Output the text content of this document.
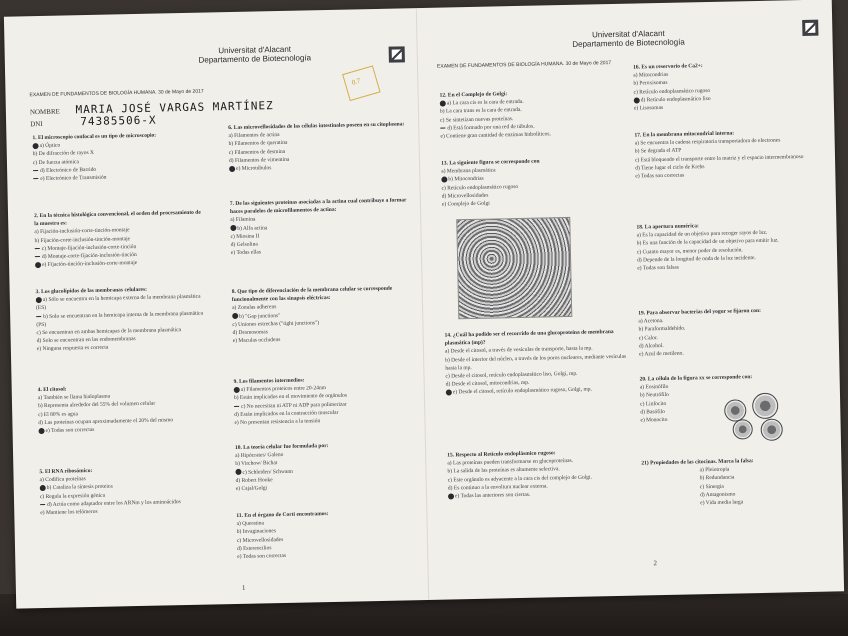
Universitat d'Alacant
Departamento de Biotecnología
EXAMEN DE FUNDAMENTOS DE BIOLOGÍA HUMANA. 30 de Mayo de 2017
0.7
NOMBRE MARIA JOSÉ VARGAS MARTÍNEZ
DNI	74385506-X
1. El microscopio confocal es un tipo de microscopio:
a) Óptico
b) De difracción de rayos X
c) De fuerza atómica
d) Electrónico de Barrido
e) Electrónico de Transmisión
2. En la técnica histológica convencional, el orden del procesamiento de la muestra es:
a) Fijación-inclusión-corte-tinción-montaje
b) Fijación-corte-inclusión-tinción-montaje
c) Montaje-fijación-inclusión-corte-tinción
d) Montaje-corte-fijación-inclusión-tinción
e) Fijación-tinción-inclusión-corte-montaje
3. Los glucolípidos de las membranas celulares:
a) Sólo se encuentra en la hemicapa externa de la membrana plasmática (ES)
b) Solo se encuentran en la hemicapa interna de la membrana plasmática (PS)
c) Se encuentran en ambas hemicapas de la membrana plasmática
d) Solo se encuentran en las endomembranas
e) Ninguna respuesta es correcta
4. El citosol:
a) También se llama hialoplasma
b) Representa alrededor del 55% del volumen celular
c) El 80% es agua
d) Las proteínas ocupan aproximadamente el 20% del mismo
e) Todas son correctas
5. El RNA ribosómico:
a) Codifica proteínas
b) Cataliza la síntesis proteica
c) Regula la expresión génica
d) Actúa como adaptador entre los ARNm y los aminoácidos
e) Mantiene los telómeros
6. Las microvellosidades de las células intestinales poseen en su citoplasma:
a) Filamentos de actina
b) Filamentos de queratina
c) Filamentos de desmina
d) Filamentos de vimentina
e) Microtúbulos
7. De las siguientes proteínas asociadas a la actina cual contribuye a formar haces paralelos de microfilamentos de actina:
a) Filamina
b) Alfa actina
c) Miosina II
d) Gelsolina
e) Todas ellas
8. Que tipo de diferenciación de la membrana celular se corresponde funcionalmente con las sinapsis eléctricas:
a) Zonulas adherens
b) "Gap junctions"
c) Uniones estrechas ("tight junctions")
d) Desmosomas
e) Maculas occludens
9. Los filamentos intermedios:
a) Filamentos proteicos entre 20-24nm
b) Están implicados en el movimiento de orgánulos
c) No necesitan ni ATP ni ADP para polimerizar
d) Están implicados en la contracción muscular
e) No presentan resistencia a la tensión
10. La teoría celular fue formulada por:
a) Hipócrates/ Galeno
b) Virchow/ Bichat
c) Schleiden/ Schwann
d) Robert Hooke
e) Cajal/Golgi
11. En el órgano de Corti encontramos:
a) Queratina
b) Invaginaciones
c) Microvellosidades
d) Estereocilios
e) Todas son correctas
1
Universitat d'Alacant
Departamento de Biotecnología
EXAMEN DE FUNDAMENTOS DE BIOLOGÍA HUMANA. 30 de Mayo de 2017
12. En el Complejo de Golgi:
a) La cara cis es la cara de entrada.
b) La cara trans es la cara de entrada.
c) Se sintetizan nuevas proteínas.
d) Está formado por una red de túbulos.
e) Contiene gran cantidad de enzimas hidrolíticos.
13. La siguiente figura se corresponde con
a) Membrana plasmática
b) Mitocondrias
c) Retículo endoplasmático rugoso
d) Microvellosidades
e) Complejo de Golgi
14. ¿Cuál ha podido ser el recorrido de una glucoproteína de membrana plasmática (mp)?
a) Desde el citosol, a través de vesículas de transporte, hasta la mp.
b) Desde el interior del núcleo, a través de los poros nucleares, mediante vesículas hasta la mp.
c) Desde el citosol, retículo endoplasmático liso, Golgi, mp.
d) Desde el citosol, mitocondrias, mp.
e) Desde el citosol, retículo endoplasmático rugoso, Golgi, mp.
15. Respecto al Retículo endoplásmico rugoso:
a) Las proteínas pueden transformarse en glucoproteínas.
b) La salida de las proteínas es altamente selectiva.
c) Este orgánulo es adyacente a la cara cis del complejo de Golgi.
d) Es continuo a la envoltura nuclear externa.
e) Todas las anteriores son ciertas.
16. Es un reservorio de Ca2+:
a) Mitocondrias
b) Peroxisomas
c) Retículo endoplasmático rugoso
d) Retículo endoplasmático liso
e) Lisosomas
17. En la membrana mitocondrial interna:
a) Se encuentra la cadena respiratoria transportadora de electrones
b) Se degrada el ATP
c) Está bloqueado el transporte entre la matriz y el espacio intermembranoso
d) Tiene lugar el ciclo de Krebs
e) Todas son correctas
18. La apertura numérica:
a) Es la capacidad de un objetivo para recoger rayos de luz.
b) Es una función de la capacidad de un objetivo para emitir luz.
c) Cuanto mayor es, menor poder de resolución.
d) Depende de la longitud de onda de la luz incidente.
e) Todas son falsas
19. Para observar bacterias del yogur se fijaron con:
a) Acetona.
b) Paraformaldehído.
c) Calor.
d) Alcohol.
e) Azul de metileno.
20. La célula de la figura xx se corresponde con:
a) Eosinófilo
b) Neutrófilo
c) Linfocito
d) Basófilo
e) Monocito
21) Propiedades de las citocinas. Marca la falsa:
a) Pleiotropía
b) Redundancia
c) Sinergia
d) Antagonismo
e) Vida media larga
2
